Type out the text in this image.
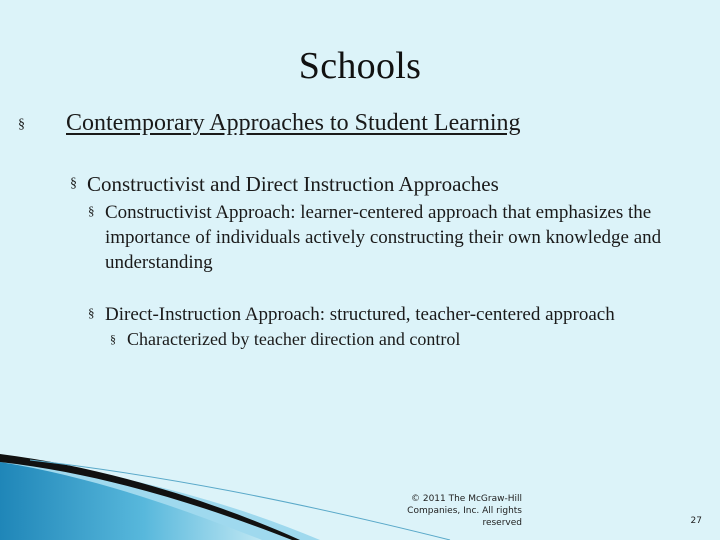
Schools
§ Contemporary Approaches to Student Learning
§ Constructivist and Direct Instruction Approaches
§ Constructivist Approach: learner-centered approach that emphasizes the importance of individuals actively constructing their own knowledge and understanding
§ Direct-Instruction Approach: structured, teacher-centered approach
§ Characterized by teacher direction and control
© 2011 The McGraw-Hill
Companies, Inc. All rights
reserved	27
